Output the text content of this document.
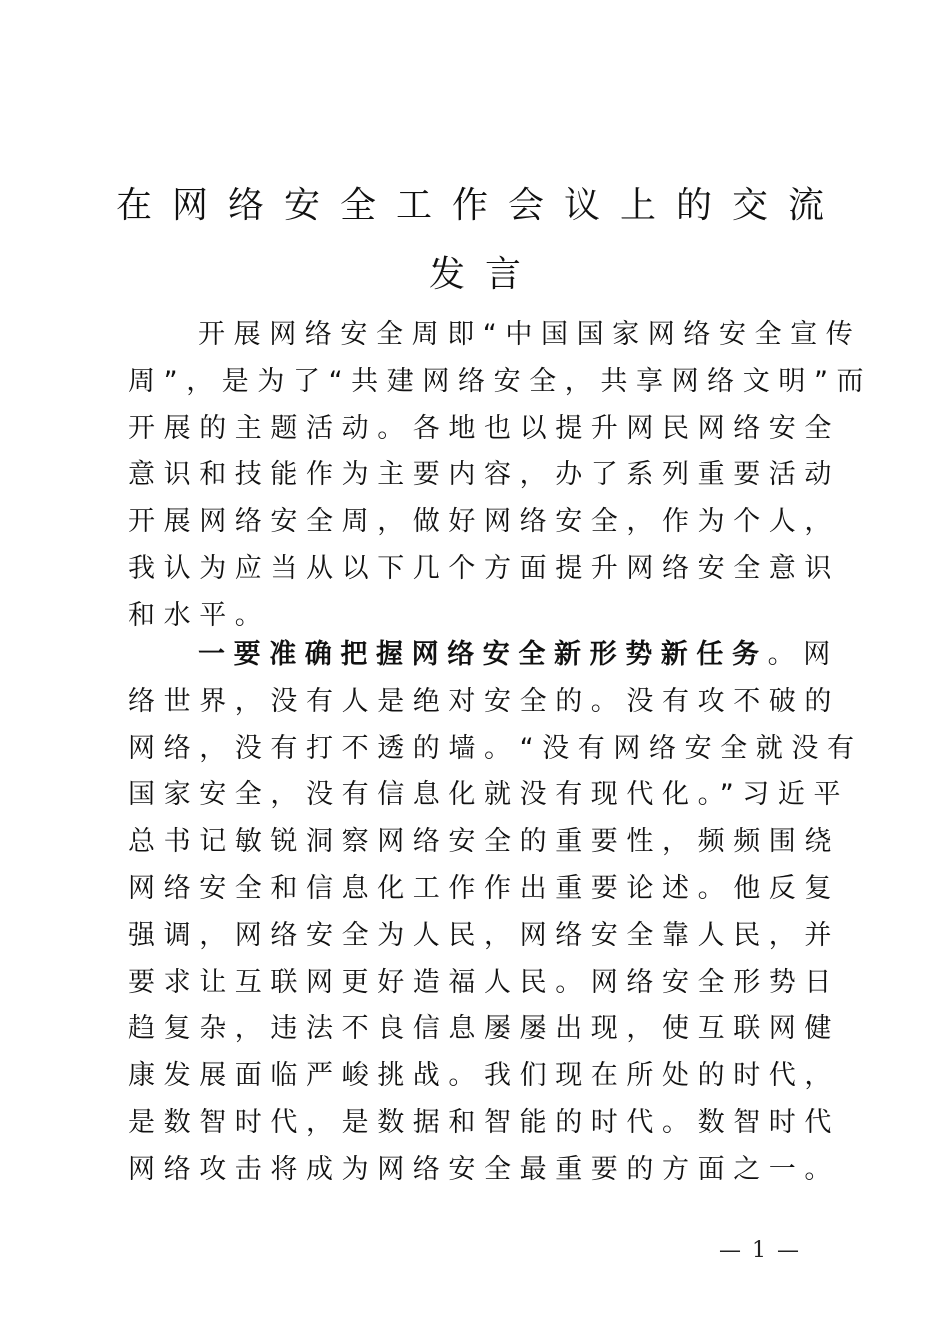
在网络安全工作会议上的交流
发言
开展网络安全周即“中国国家网络安全宣传
周”，是为了“共建网络安全，共享网络文明”而
开展的主题活动。各地也以提升网民网络安全
意识和技能作为主要内容，办了系列重要活动
开展网络安全周，做好网络安全，作为个人，
我认为应当从以下几个方面提升网络安全意识
和水平。
一要准确把握网络安全新形势新任务。网
络世界，没有人是绝对安全的。没有攻不破的
网络，没有打不透的墙。“没有网络安全就没有
国家安全，没有信息化就没有现代化。”习近平
总书记敏锐洞察网络安全的重要性，频频围绕
网络安全和信息化工作作出重要论述。他反复
强调，网络安全为人民，网络安全靠人民，并
要求让互联网更好造福人民。网络安全形势日
趋复杂，违法不良信息屡屡出现，使互联网健
康发展面临严峻挑战。我们现在所处的时代，
是数智时代，是数据和智能的时代。数智时代
网络攻击将成为网络安全最重要的方面之一。
— 1 —
